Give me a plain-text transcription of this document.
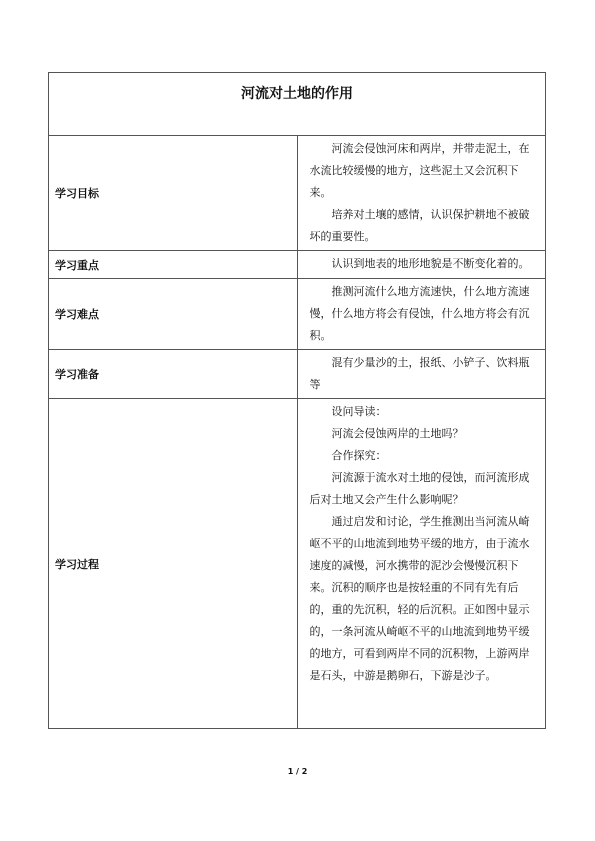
河流对土地的作用	

学习目标	河流会侵蚀河床和两岸，并带走泥土，在水流比较缓慢的地方，这些泥土又会沉积下来。

培养对土壤的感情，认识保护耕地不被破坏的重要性。

学习重点	认识到地表的地形地貌是不断变化着的。

学习难点	推测河流什么地方流速快，什么地方流速慢，什么地方将会有侵蚀，什么地方将会有沉积。

学习准备	混有少量沙的土，报纸、小铲子、饮料瓶等

学习过程	设问导读：

河流会侵蚀两岸的土地吗？

合作探究：

河流源于流水对土地的侵蚀，而河流形成后对土地又会产生什么影响呢？

通过启发和讨论，学生推测出当河流从崎岖不平的山地流到地势平缓的地方，由于流水速度的减慢，河水携带的泥沙会慢慢沉积下来。沉积的顺序也是按轻重的不同有先有后的，重的先沉积，轻的后沉积。正如图中显示的，一条河流从崎岖不平的山地流到地势平缓的地方，可看到两岸不同的沉积物，上游两岸是石头，中游是鹅卵石，下游是沙子。

1 / 2
